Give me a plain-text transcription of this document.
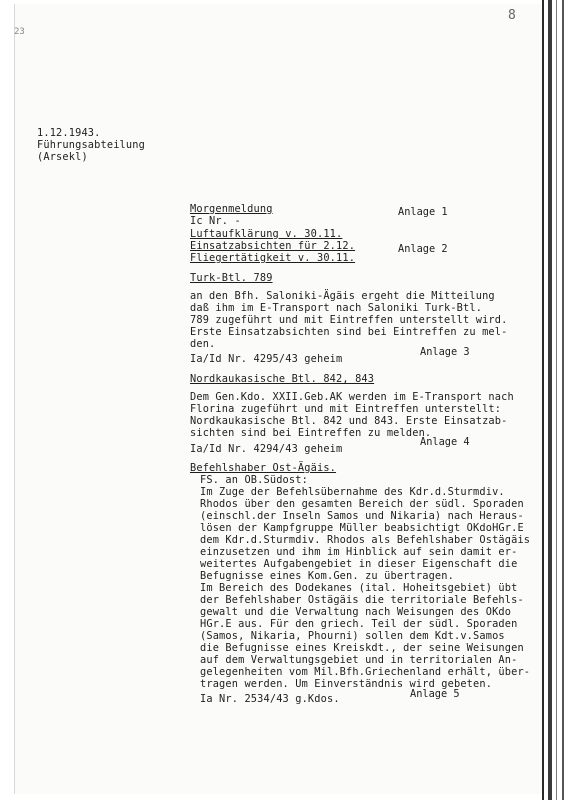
23
8
1.12.1943.
Führungsabteilung
(Arsekl)
Morgenmeldung	Anlage 1
Ic Nr. -
Luftaufklärung v. 30.11.
Einsatzabsichten für 2.12.	Anlage 2
Fliegertätigkeit v. 30.11.
Turk-Btl. 789
an den Bfh. Saloniki-Ägäis ergeht die Mitteilung
daß ihm im E-Transport nach Saloniki Turk-Btl.
789 zugeführt und mit Eintreffen unterstellt wird.
Erste Einsatzabsichten sind bei Eintreffen zu mel-
den.
Ia/Id Nr. 4295/43 geheim
Anlage 3
Nordkaukasische Btl. 842, 843
Dem Gen.Kdo. XXII.Geb.AK werden im E-Transport nach
Florina zugeführt und mit Eintreffen unterstellt:
Nordkaukasische Btl. 842 und 843. Erste Einsatzab-
sichten sind bei Eintreffen zu melden.
Ia/Id Nr. 4294/43 geheim
Anlage 4
Befehlshaber Ost-Ägäis.
FS. an OB.Südost:
Im Zuge der Befehlsübernahme des Kdr.d.Sturmdiv.
Rhodos über den gesamten Bereich der südl. Sporaden
(einschl.der Inseln Samos und Nikaria) nach Heraus-
lösen der Kampfgruppe Müller beabsichtigt OKdoHGr.E
dem Kdr.d.Sturmdiv. Rhodos als Befehlshaber Ostägäis
einzusetzen und ihm im Hinblick auf sein damit er-
weitertes Aufgabengebiet in dieser Eigenschaft die
Befugnisse eines Kom.Gen. zu übertragen.
Im Bereich des Dodekanes (ital. Hoheitsgebiet) übt
der Befehlshaber Ostägäis die territoriale Befehls-
gewalt und die Verwaltung nach Weisungen des OKdo
HGr.E aus. Für den griech. Teil der südl. Sporaden
(Samos, Nikaria, Phourni) sollen dem Kdt.v.Samos
die Befugnisse eines Kreiskdt., der seine Weisungen
auf dem Verwaltungsgebiet und in territorialen An-
gelegenheiten vom Mil.Bfh.Griechenland erhält, über-
tragen werden. Um Einverständnis wird gebeten.
Ia Nr. 2534/43 g.Kdos.	Anlage 5
